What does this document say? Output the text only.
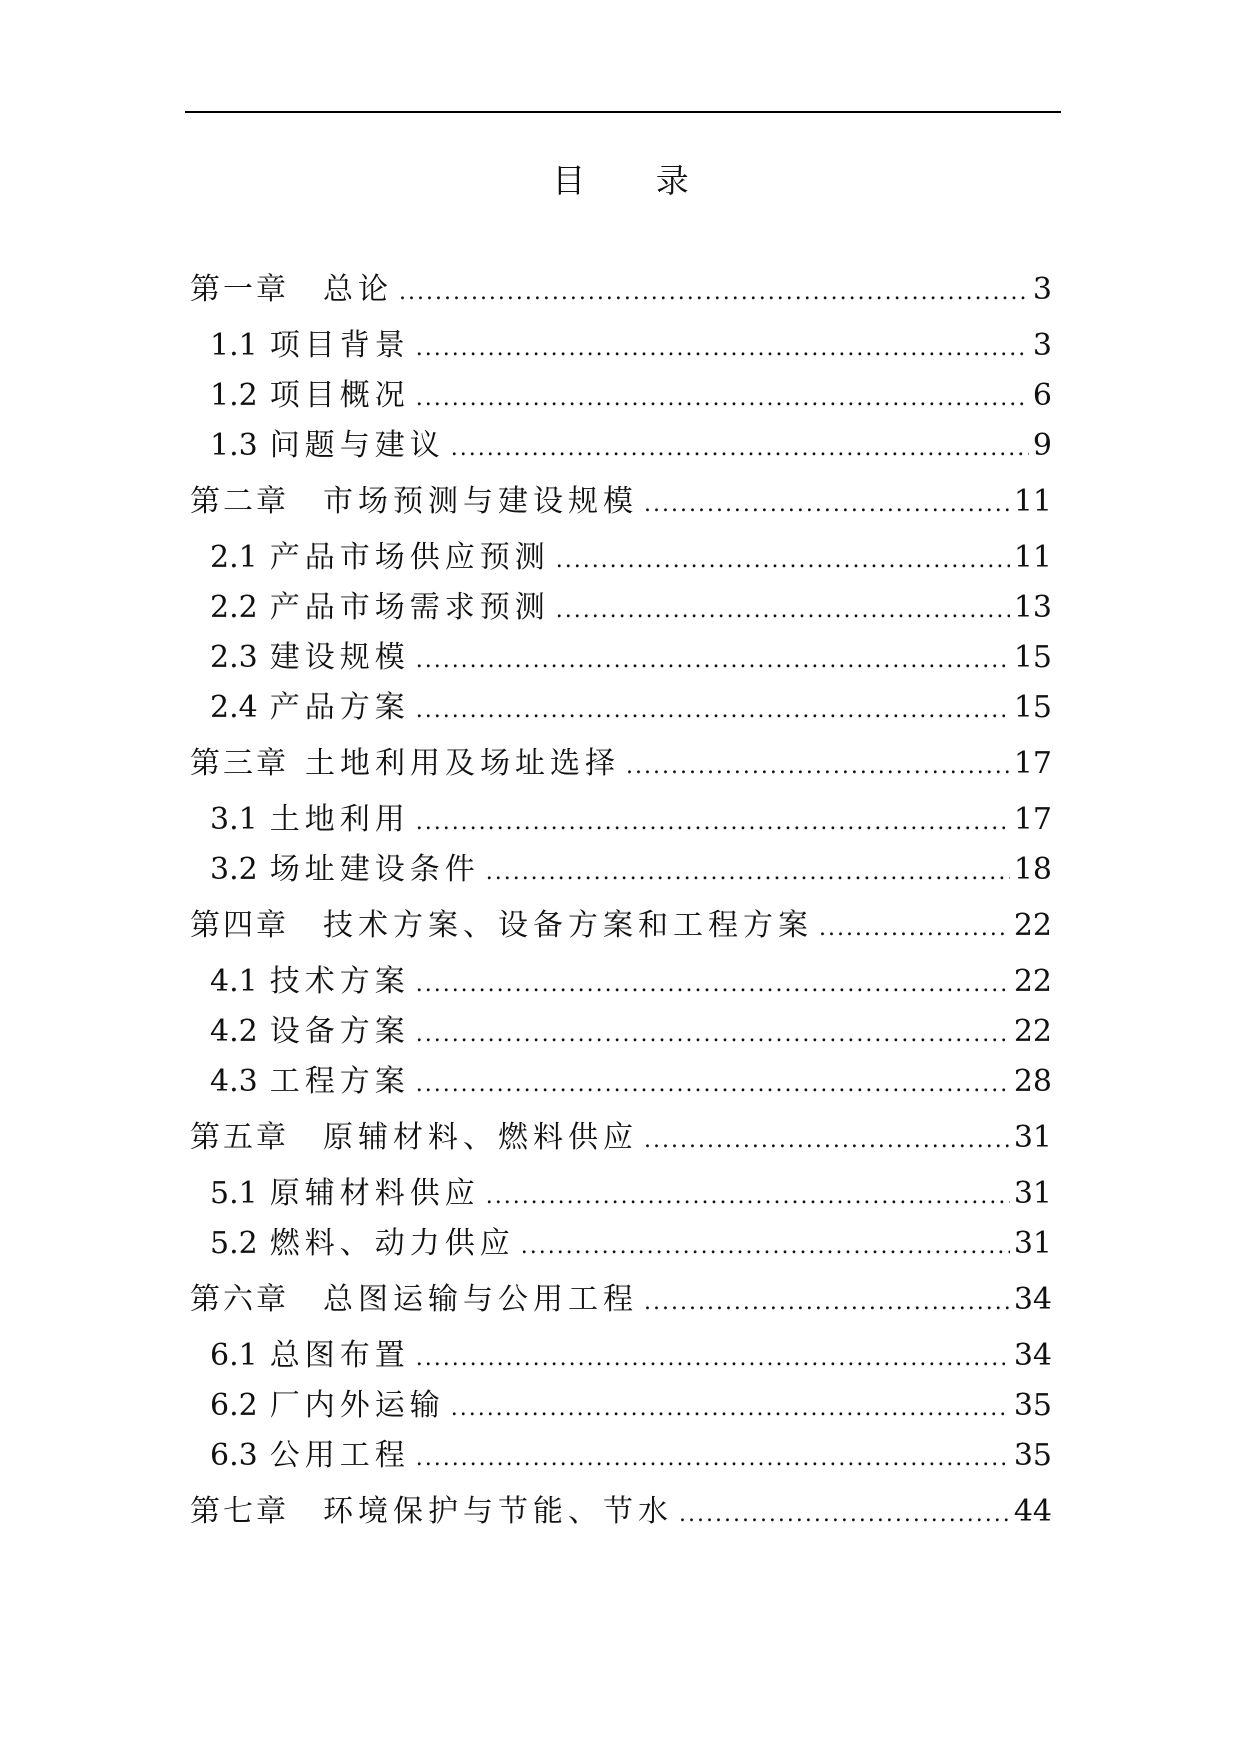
目 录
第一章 总论 .....	3
1.1 项目背景 .....	3
1.2 项目概况 .....	6
1.3 问题与建议 .....	9
第二章 市场预测与建设规模 .....	11
2.1 产品市场供应预测 .....	11
2.2 产品市场需求预测 .....	13
2.3 建设规模 .....	15
2.4 产品方案 .....	15
第三章 土地利用及场址选择 .....	17
3.1 土地利用 .....	17
3.2 场址建设条件 .....	18
第四章 技术方案、设备方案和工程方案 .....	22
4.1 技术方案 .....	22
4.2 设备方案 .....	22
4.3 工程方案 .....	28
第五章 原辅材料、燃料供应 .....	31
5.1 原辅材料供应 .....	31
5.2 燃料、动力供应 .....	31
第六章 总图运输与公用工程 .....	34
6.1 总图布置 .....	34
6.2 厂内外运输 .....	35
6.3 公用工程 .....	35
第七章 环境保护与节能、节水 .....	44
